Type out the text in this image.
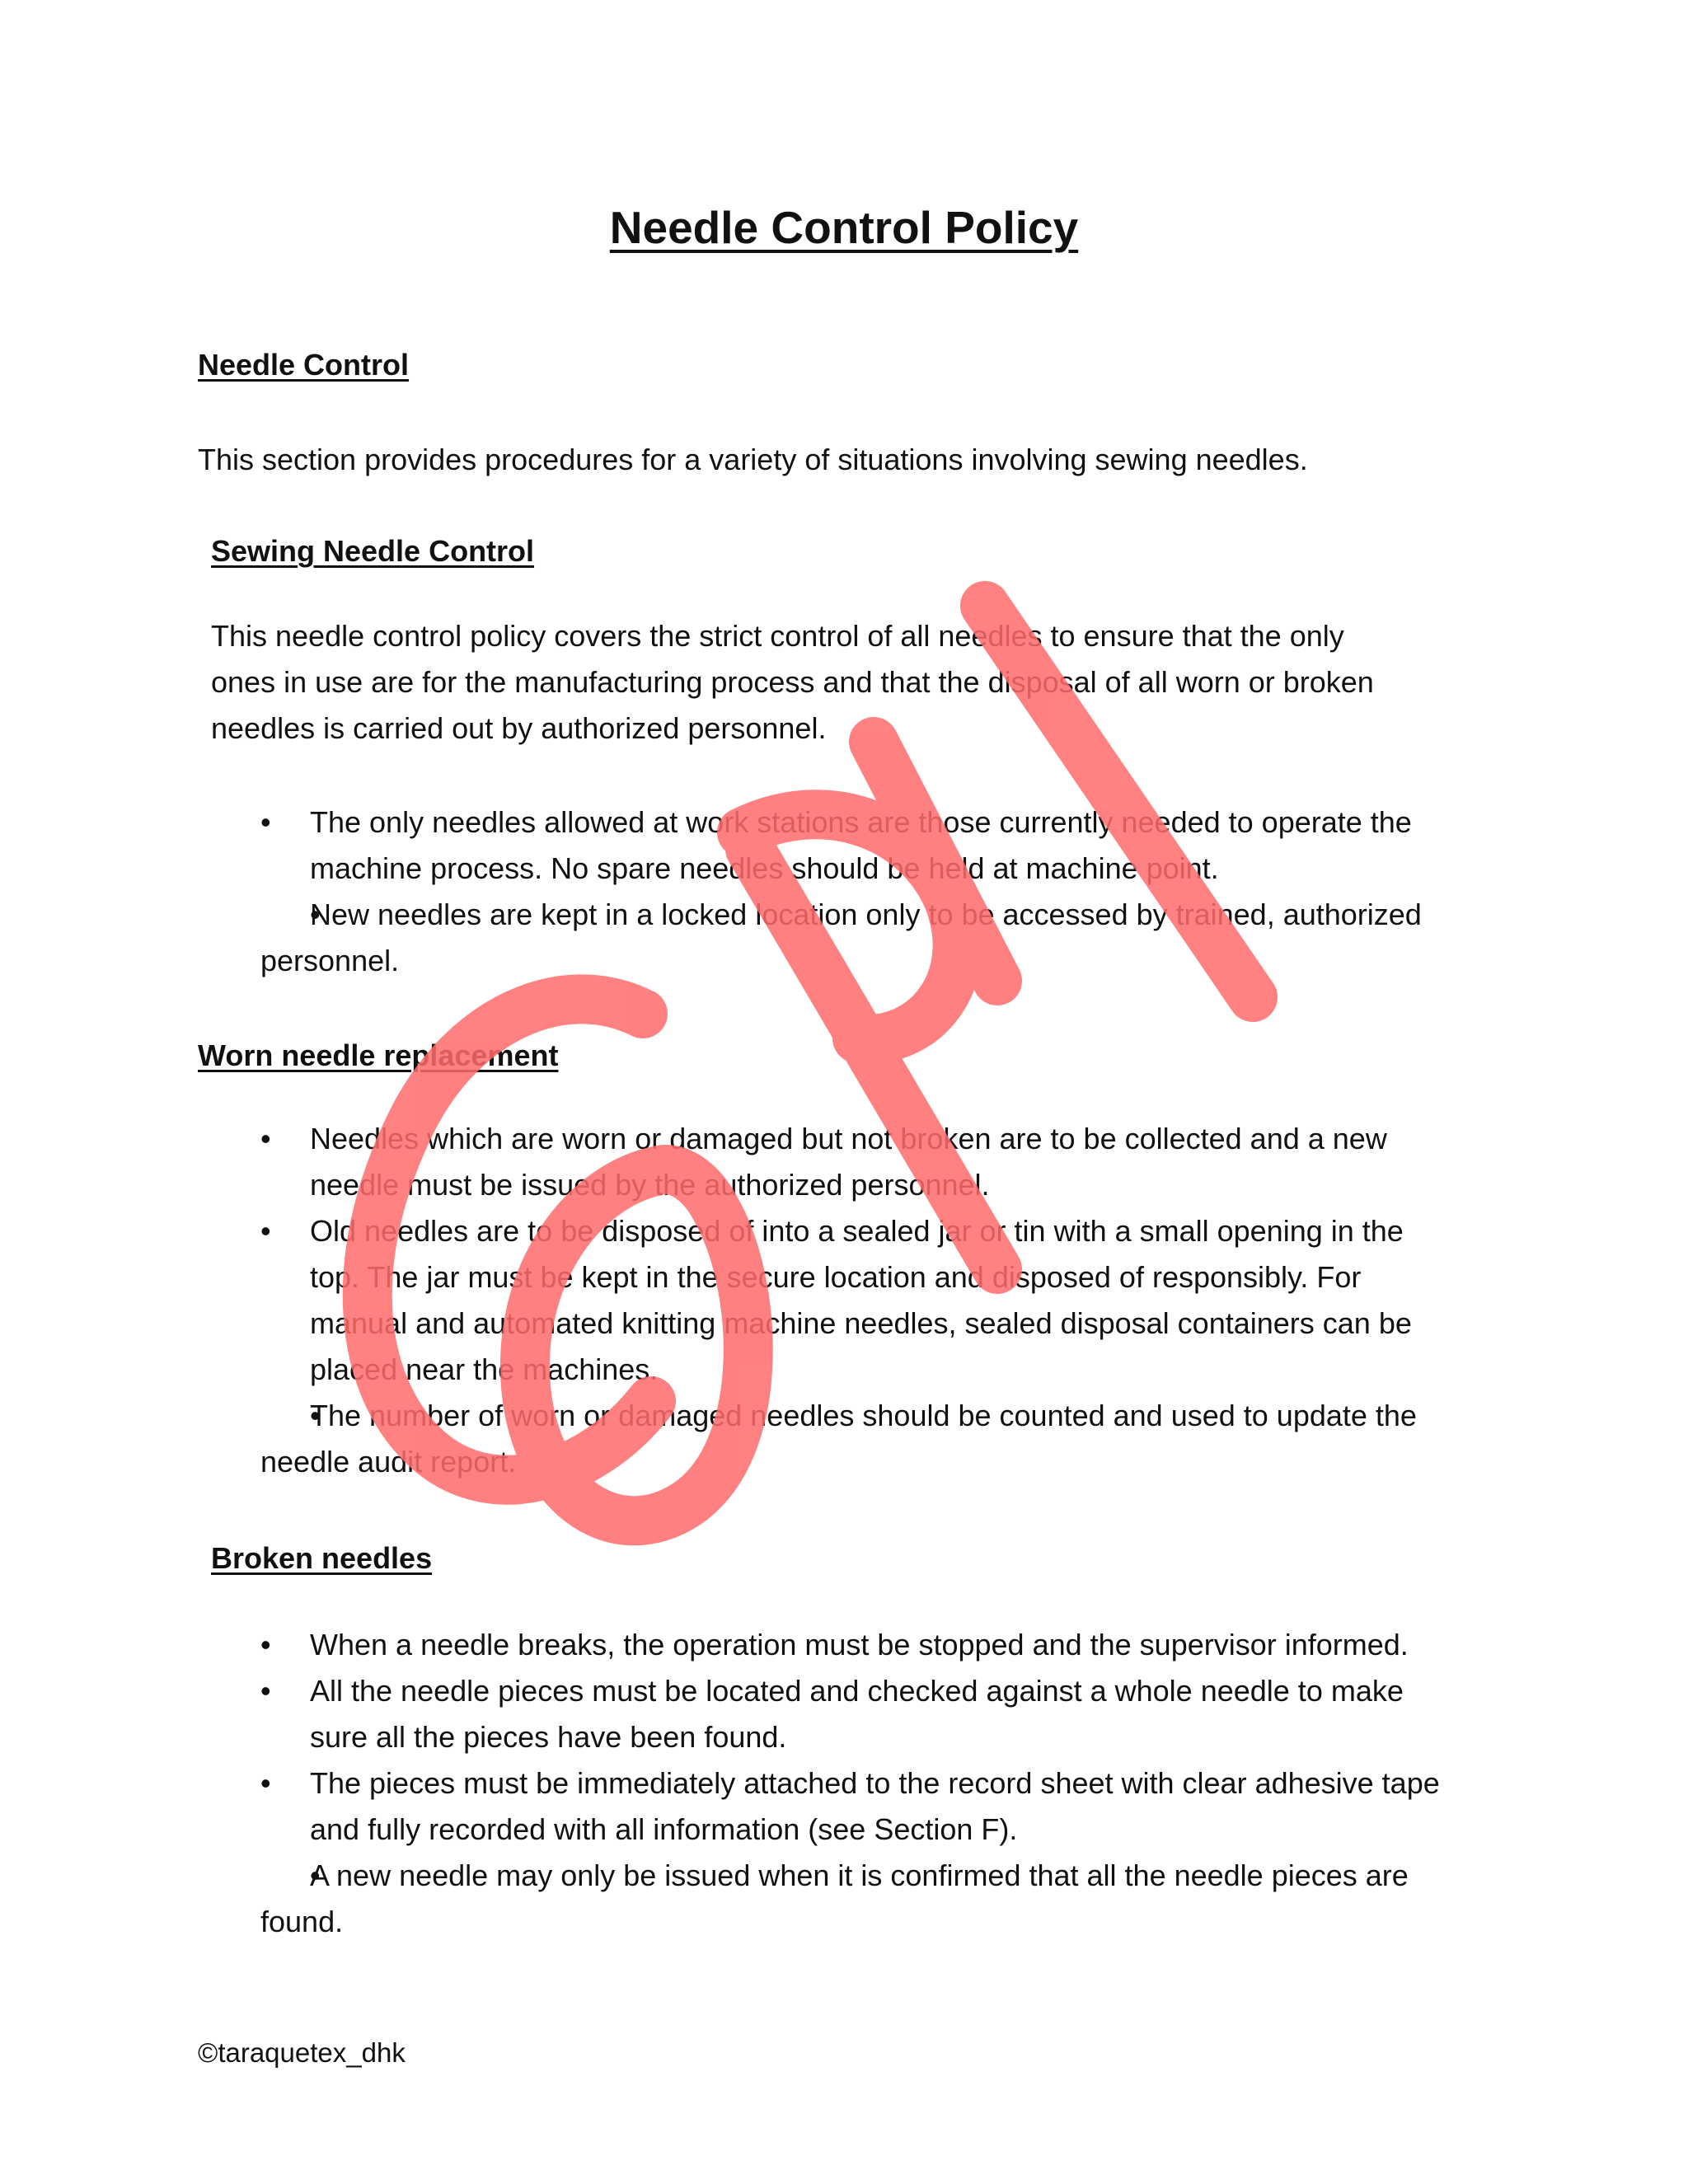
Needle Control Policy
Needle Control

This section provides procedures for a variety of situations involving sewing needles.

Sewing Needle Control
This needle control policy covers the strict control of all needles to ensure that the only
ones in use are for the manufacturing process and that the disposal of all worn or broken
needles is carried out by authorized personnel.
• The only needles allowed at work stations are those currently needed to operate the machine process. No spare needles should be held at machine point.
• New needles are kept in a locked location only to be accessed by trained, authorized personnel.
Worn needle replacement
• Needles which are worn or damaged but not broken are to be collected and a new needle must be issued by the authorized personnel.
• Old needles are to be disposed of into a sealed jar or tin with a small opening in the top. The jar must be kept in the secure location and disposed of responsibly. For manual and automated knitting machine needles, sealed disposal containers can be placed near the machines.
• The number of worn or damaged needles should be counted and used to update the needle audit report.
Broken needles
• When a needle breaks, the operation must be stopped and the supervisor informed.
• All the needle pieces must be located and checked against a whole needle to make sure all the pieces have been found.
• The pieces must be immediately attached to the record sheet with clear adhesive tape and fully recorded with all information (see Section F).
• A new needle may only be issued when it is confirmed that all the needle pieces are found.

©taraquetex_dhk
